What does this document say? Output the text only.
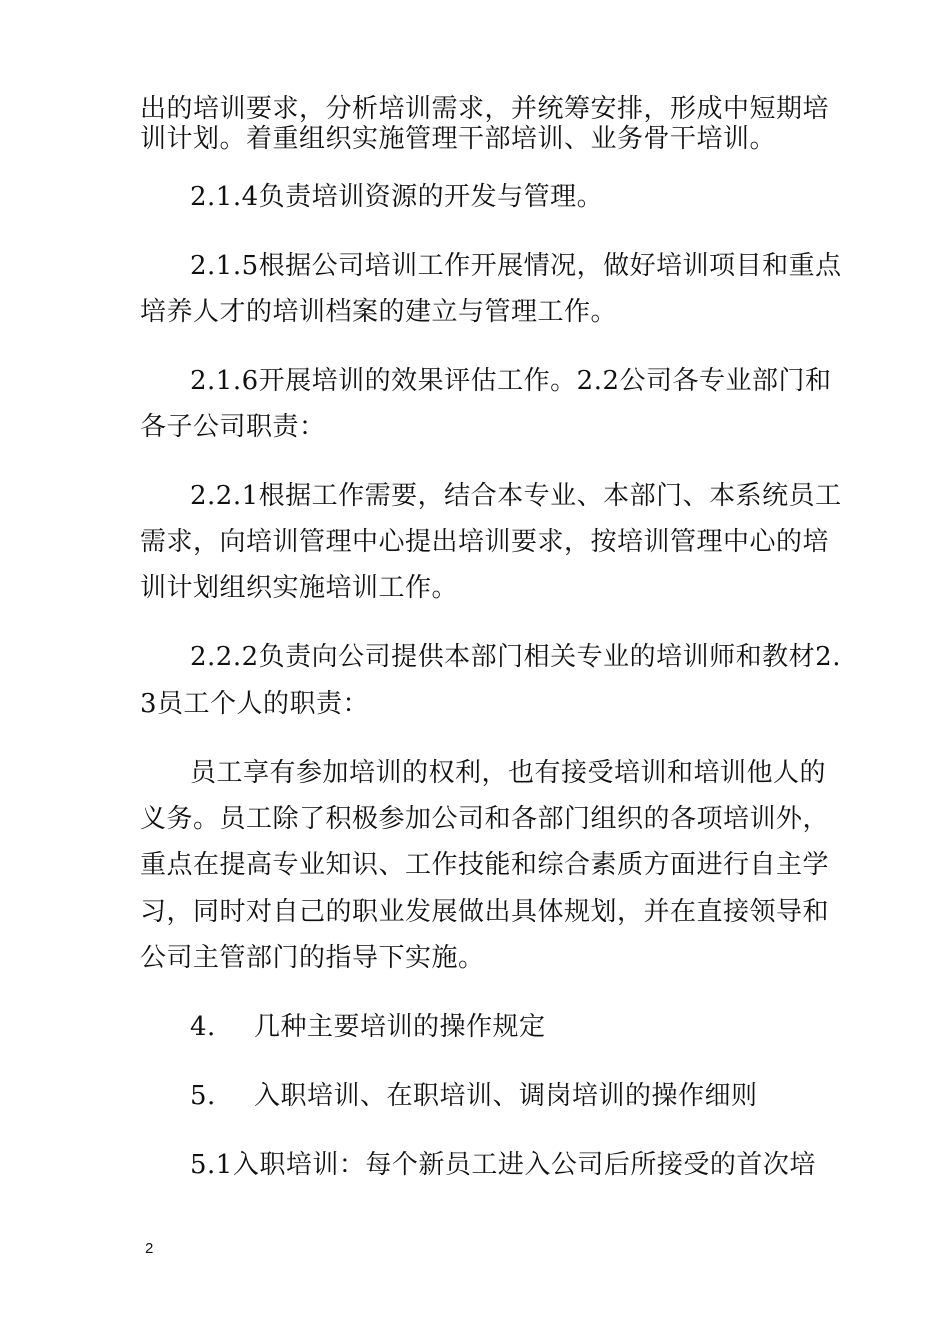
出的培训要求，分析培训需求，并统筹安排，形成中短期培
训计划。着重组织实施管理干部培训、业务骨干培训。
2.1.4负责培训资源的开发与管理。
2.1.5根据公司培训工作开展情况，做好培训项目和重点
培养人才的培训档案的建立与管理工作。
2.1.6开展培训的效果评估工作。2.2公司各专业部门和
各子公司职责：
2.2.1根据工作需要，结合本专业、本部门、本系统员工
需求，向培训管理中心提出培训要求，按培训管理中心的培
训计划组织实施培训工作。
2.2.2负责向公司提供本部门相关专业的培训师和教材2.
3员工个人的职责：
员工享有参加培训的权利，也有接受培训和培训他人的
义务。员工除了积极参加公司和各部门组织的各项培训外，
重点在提高专业知识、工作技能和综合素质方面进行自主学
习，同时对自己的职业发展做出具体规划，并在直接领导和
公司主管部门的指导下实施。
4. 几种主要培训的操作规定
5. 入职培训、在职培训、调岗培训的操作细则
5.1入职培训：每个新员工进入公司后所接受的首次培
2
